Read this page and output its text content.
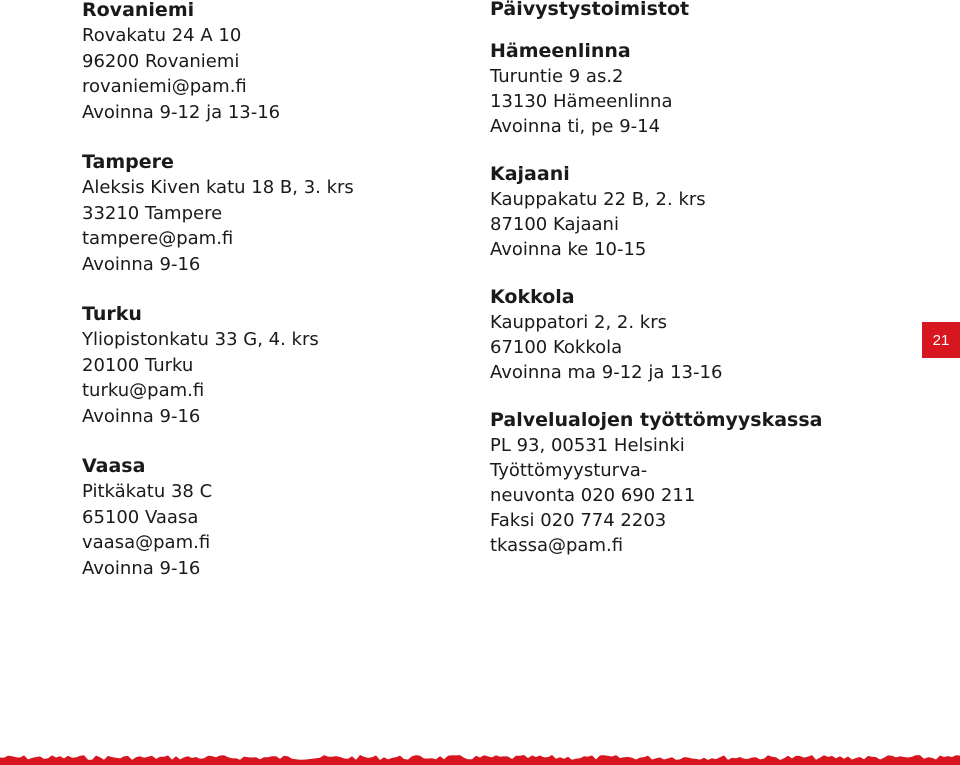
Rovaniemi

Rovakatu 24 A 10

96200 Rovaniemi

rovaniemi@pam.fi

Avoinna 9-12 ja 13-16

Tampere

Aleksis Kiven katu 18 B, 3. krs

33210 Tampere

tampere@pam.fi

Avoinna 9-16

Turku

Yliopistonkatu 33 G, 4. krs

20100 Turku

turku@pam.fi

Avoinna 9-16

Vaasa

Pitkäkatu 38 C

65100 Vaasa

vaasa@pam.fi

Avoinna 9-16

Päivystystoimistot

Hämeenlinna

Turuntie 9 as.2

13130 Hämeenlinna

Avoinna ti, pe 9-14

Kajaani

Kauppakatu 22 B, 2. krs

87100 Kajaani

Avoinna ke 10-15

Kokkola

Kauppatori 2, 2. krs

67100 Kokkola

Avoinna ma 9-12 ja 13-16

Palvelualojen työttömyyskassa

PL 93, 00531 Helsinki

Työttömyysturva-

neuvonta 020 690 211

Faksi 020 774 2203

tkassa@pam.fi

21
